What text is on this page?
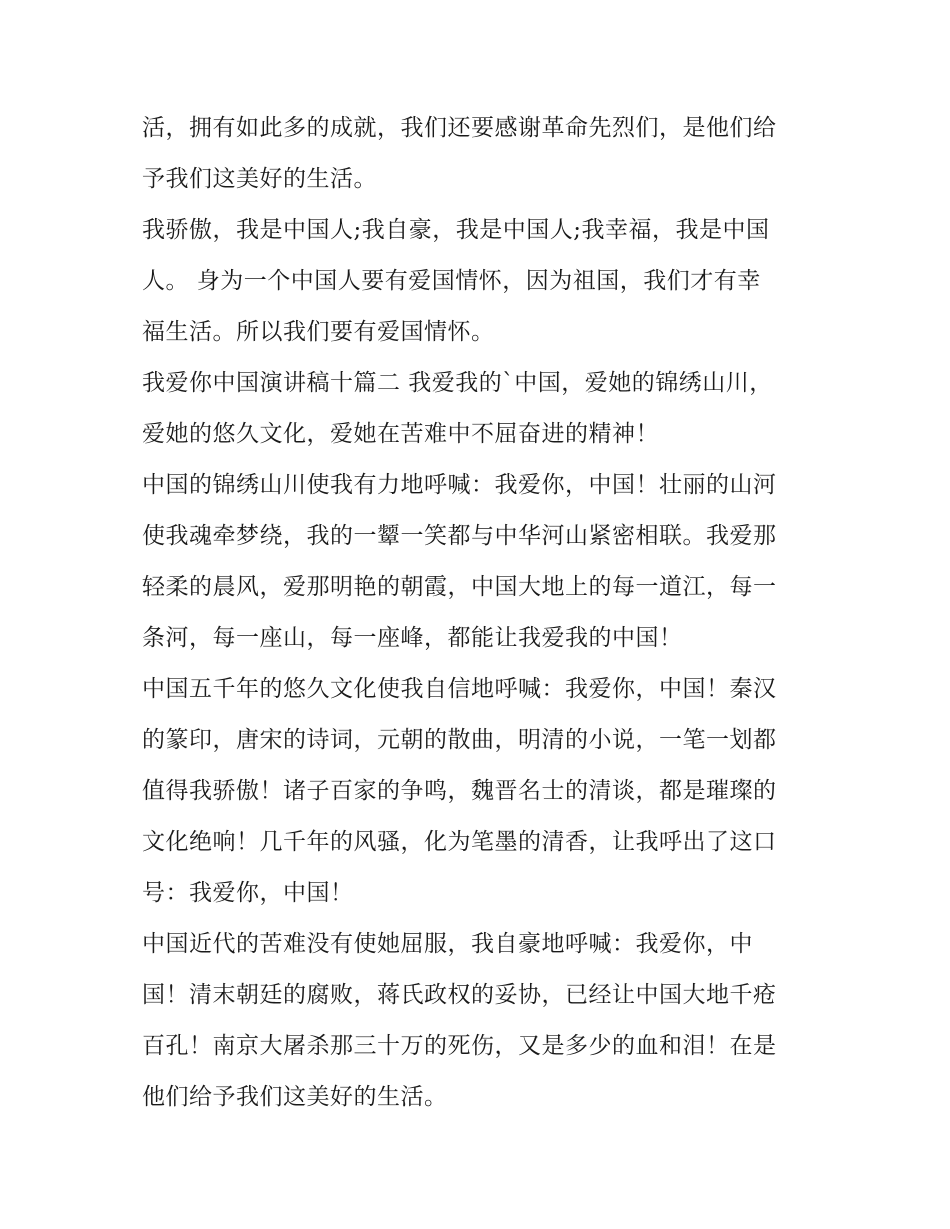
活，拥有如此多的成就，我们还要感谢革命先烈们，是他们给
予我们这美好的生活。
我骄傲，我是中国人;我自豪，我是中国人;我幸福，我是中国
人。 身为一个中国人要有爱国情怀，因为祖国，我们才有幸
福生活。所以我们要有爱国情怀。
我爱你中国演讲稿十篇二 我爱我的`中国，爱她的锦绣山川，
爱她的悠久文化，爱她在苦难中不屈奋进的精神！
中国的锦绣山川使我有力地呼喊：我爱你，中国！壮丽的山河
使我魂牵梦绕，我的一颦一笑都与中华河山紧密相联。我爱那
轻柔的晨风，爱那明艳的朝霞，中国大地上的每一道江，每一
条河，每一座山，每一座峰，都能让我爱我的中国！
中国五千年的悠久文化使我自信地呼喊：我爱你，中国！秦汉
的篆印，唐宋的诗词，元朝的散曲，明清的小说，一笔一划都
值得我骄傲！诸子百家的争鸣，魏晋名士的清谈，都是璀璨的
文化绝响！几千年的风骚，化为笔墨的清香，让我呼出了这口
号：我爱你，中国！
中国近代的苦难没有使她屈服，我自豪地呼喊：我爱你，中
国！清末朝廷的腐败，蒋氏政权的妥协，已经让中国大地千疮
百孔！南京大屠杀那三十万的死伤，又是多少的血和泪！在是
他们给予我们这美好的生活。
